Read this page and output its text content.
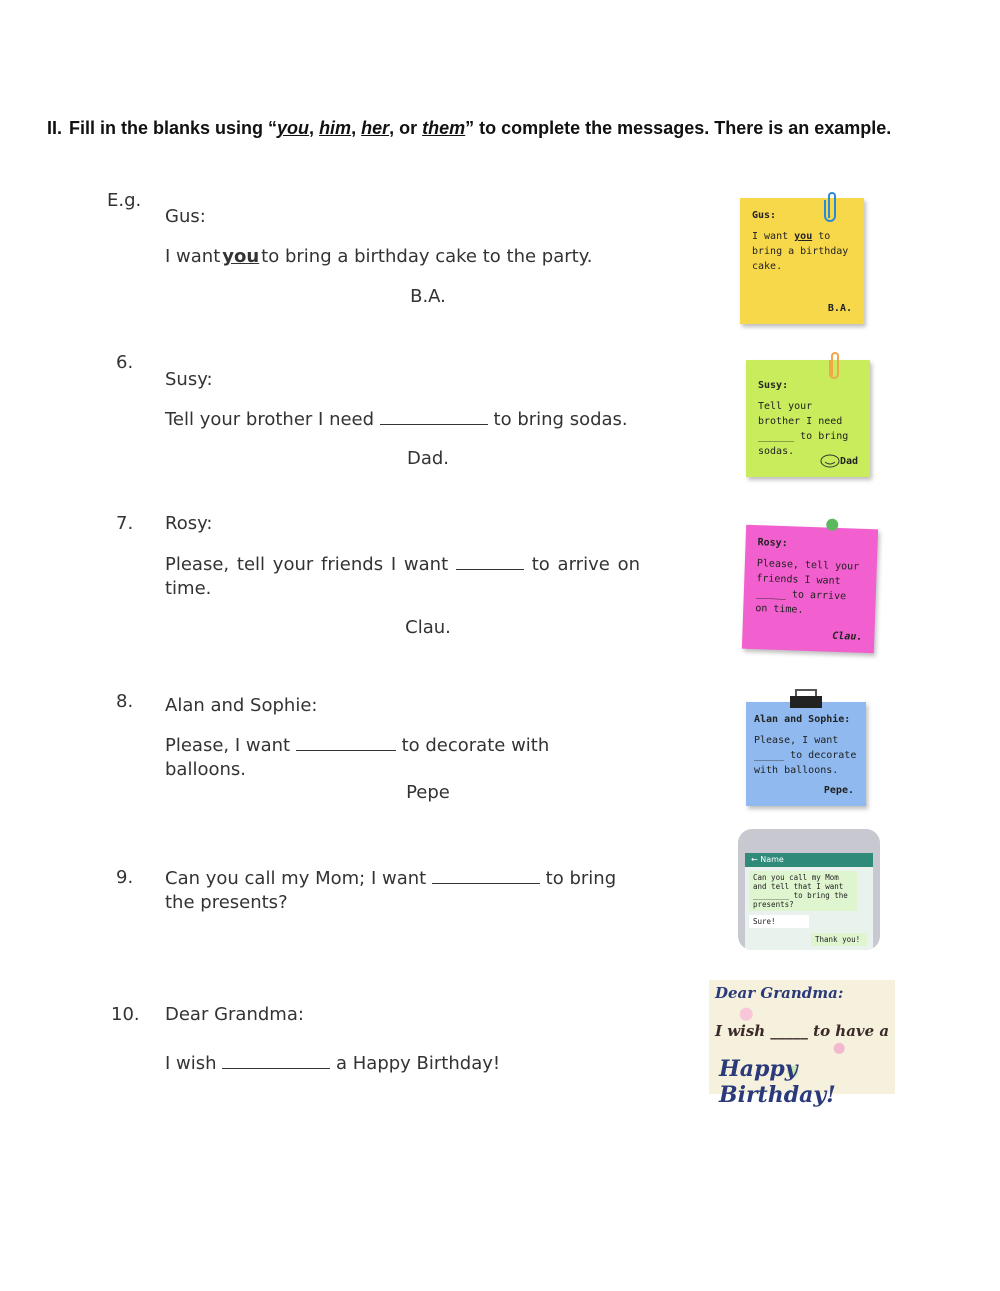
II. Fill in the blanks using “you, him, her, or them” to complete the messages. There is an example.
E.g.
Gus:
I want you to bring a birthday cake to the party.
B.A.
6.
Susy:
Tell your brother I need	to bring sodas.
Dad.
7. Rosy:
Please, tell your friends I want	to arrive on time.
Clau.
8. Alan and Sophie:
Please, I want	to decorate with balloons.
Pepe
9. Can you call my Mom; I want	to bring the presents?
10. Dear Grandma:
I wish	a Happy Birthday!
Gus:
I want you to bring a birthday cake.
B.A.
Susy:
Tell your brother I need ______ to bring sodas.
Dad
Rosy:
Please, tell your friends I want _____ to arrive on time.
Clau.
Alan and Sophie:
Please, I want _____ to decorate with balloons.
Pepe.
← Name
Can you call my Mom and tell that I want ________ to bring the presents?
Sure!
Thank you!
Dear Grandma:
I wish _____ to have a
Happy Birthday!
